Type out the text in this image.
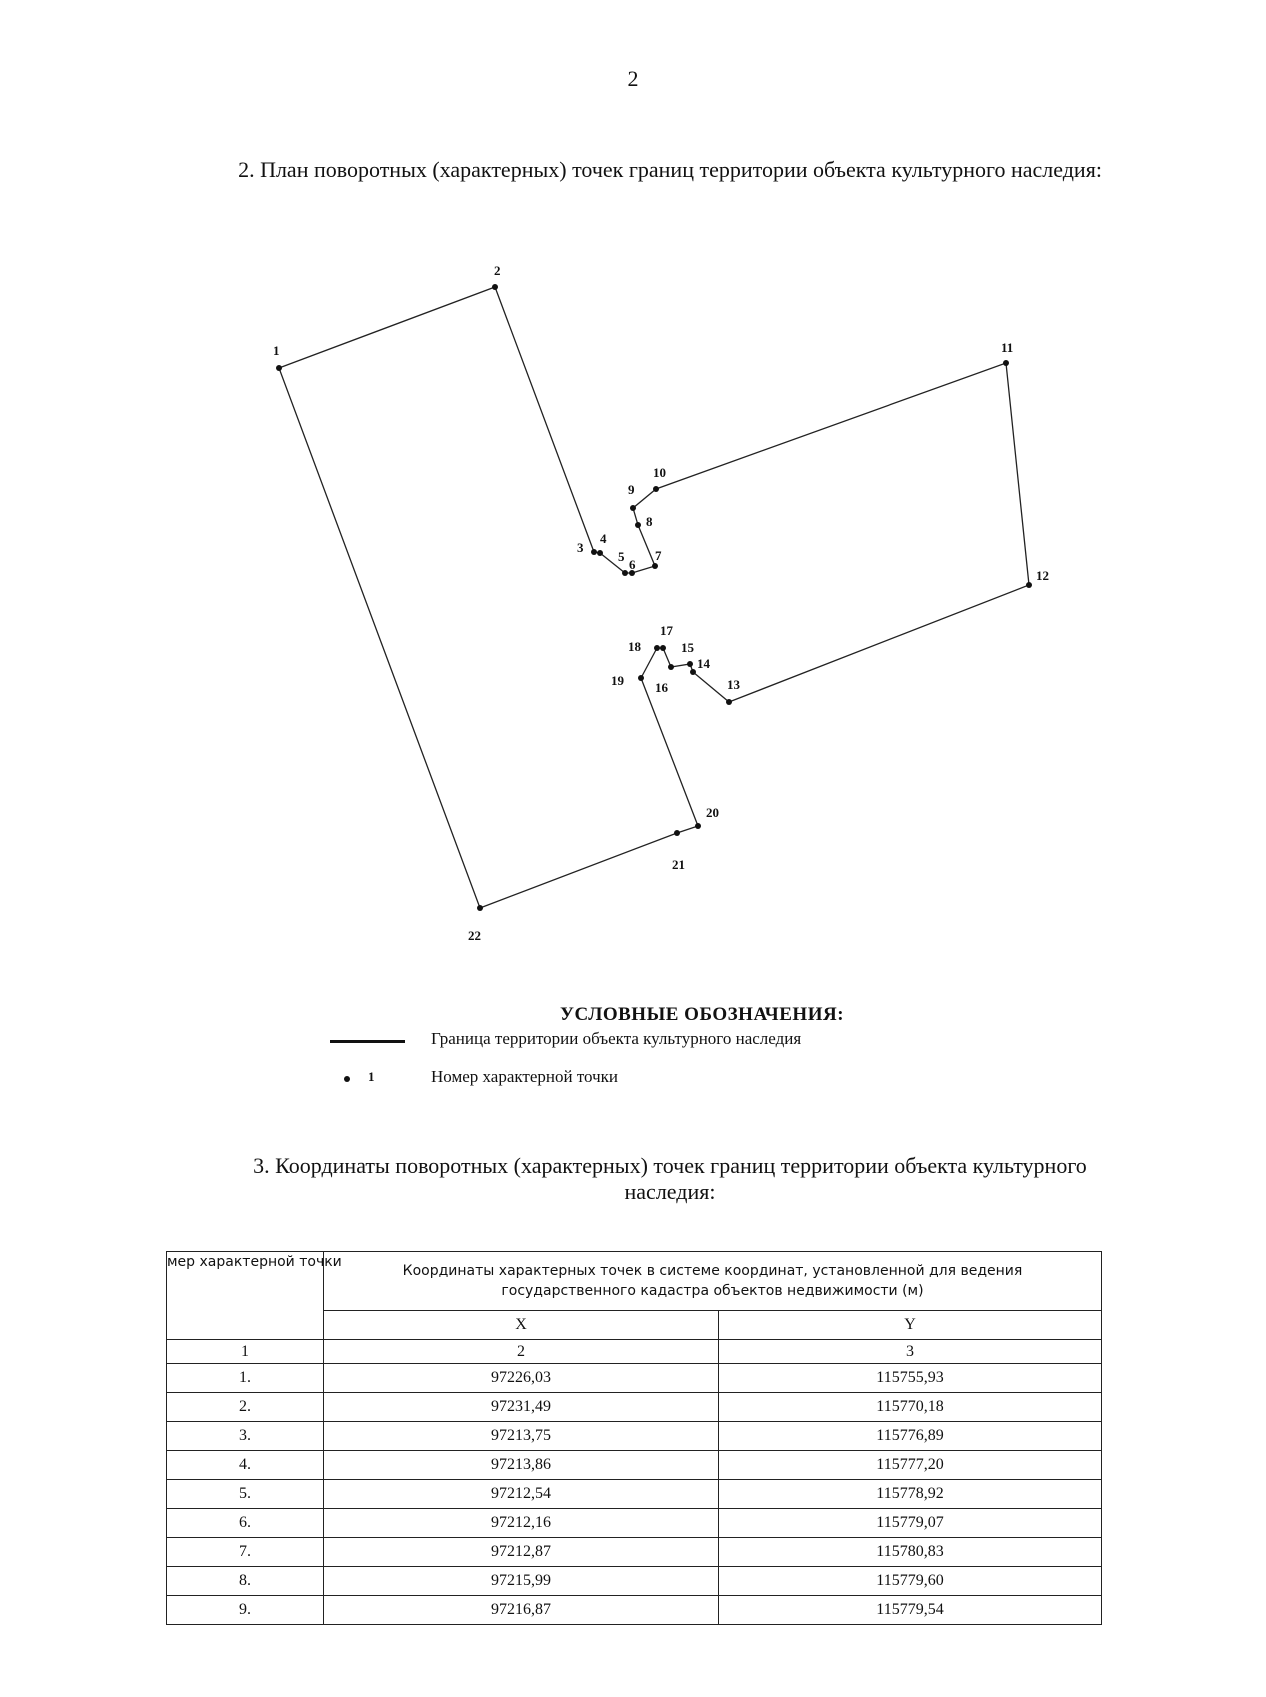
2
2. План поворотных (характерных) точек границ территории объекта культурного наследия:
1
2
3
4
5
6
7
8
9
10
11
12
13
14
15
16
17
18
19
20
21
22
УСЛОВНЫЕ ОБОЗНАЧЕНИЯ:
Граница территории объекта культурного наследия
1	Номер характерной точки
3. Координаты поворотных (характерных) точек границ территории объекта культурного наследия:
мер характерной точки	Координаты характерных точек в системе координат, установленной для ведения государственного кадастра объектов недвижимости (м)	
	X	Y
1	2	3
1.	97226,03	115755,93
2.	97231,49	115770,18
3.	97213,75	115776,89
4.	97213,86	115777,20
5.	97212,54	115778,92
6.	97212,16	115779,07
7.	97212,87	115780,83
8.	97215,99	115779,60
9.	97216,87	115779,54
